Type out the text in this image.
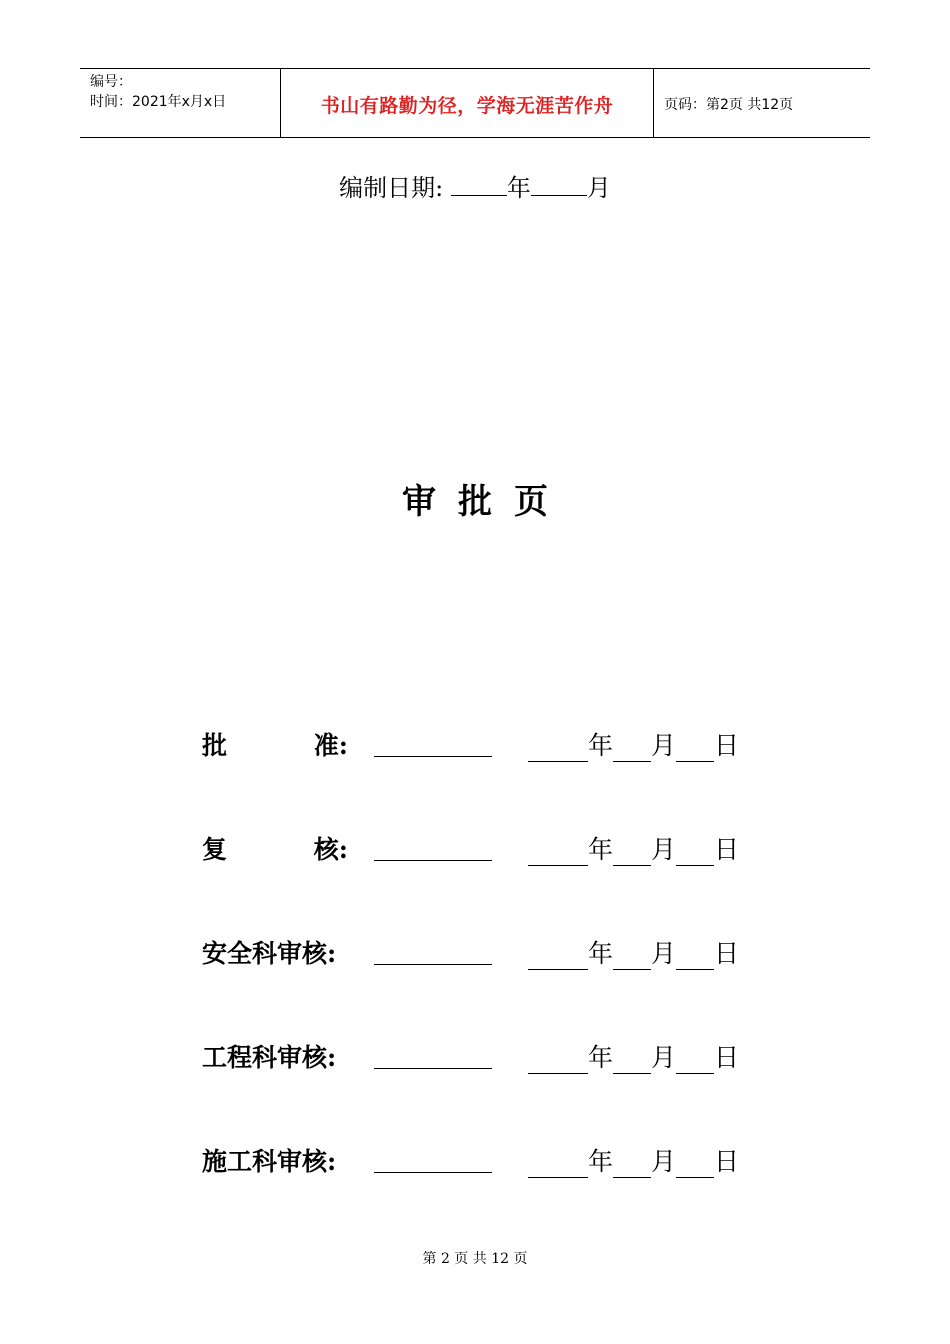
编号：
时间：2021年x月x日	书山有路勤为径，学海无涯苦作舟	页码：第2页 共12页
编制日期:	年 月
审批页
批	准:	年 月 日
复	核:	年 月 日
安全科审核:	年 月 日
工程科审核:	年 月 日
施工科审核:	年 月 日
第 2 页 共 12 页
